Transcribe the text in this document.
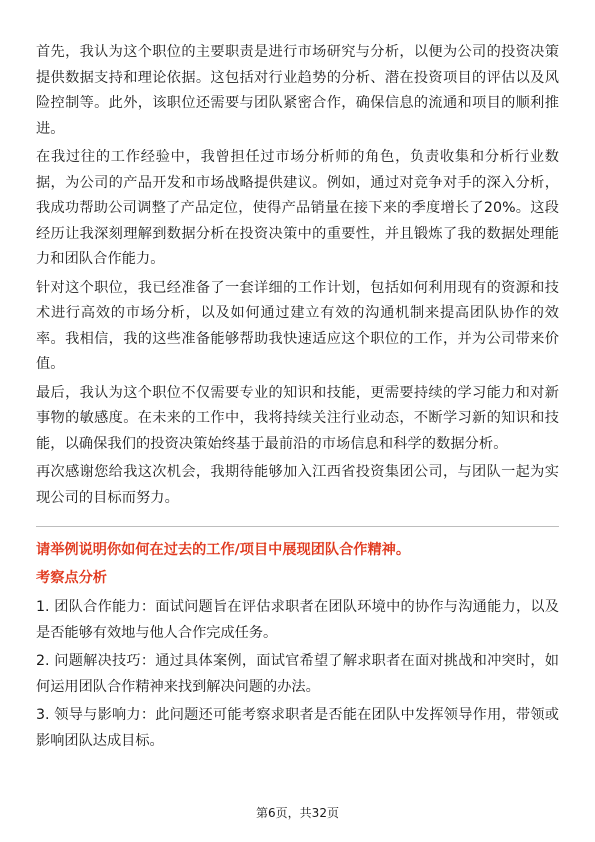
首先，我认为这个职位的主要职责是进行市场研究与分析，以便为公司的投资决策提供数据支持和理论依据。这包括对行业趋势的分析、潜在投资项目的评估以及风险控制等。此外，该职位还需要与团队紧密合作，确保信息的流通和项目的顺利推进。

在我过往的工作经验中，我曾担任过市场分析师的角色，负责收集和分析行业数据，为公司的产品开发和市场战略提供建议。例如，通过对竞争对手的深入分析，我成功帮助公司调整了产品定位，使得产品销量在接下来的季度增长了20%。这段经历让我深刻理解到数据分析在投资决策中的重要性，并且锻炼了我的数据处理能力和团队合作能力。

针对这个职位，我已经准备了一套详细的工作计划，包括如何利用现有的资源和技术进行高效的市场分析，以及如何通过建立有效的沟通机制来提高团队协作的效率。我相信，我的这些准备能够帮助我快速适应这个职位的工作，并为公司带来价值。

最后，我认为这个职位不仅需要专业的知识和技能，更需要持续的学习能力和对新事物的敏感度。在未来的工作中，我将持续关注行业动态，不断学习新的知识和技能，以确保我们的投资决策始终基于最前沿的市场信息和科学的数据分析。

再次感谢您给我这次机会，我期待能够加入江西省投资集团公司，与团队一起为实现公司的目标而努力。

请举例说明你如何在过去的工作/项目中展现团队合作精神。

考察点分析

1. 团队合作能力：面试问题旨在评估求职者在团队环境中的协作与沟通能力，以及是否能够有效地与他人合作完成任务。

2. 问题解决技巧：通过具体案例，面试官希望了解求职者在面对挑战和冲突时，如何运用团队合作精神来找到解决问题的办法。

3. 领导与影响力：此问题还可能考察求职者是否能在团队中发挥领导作用，带领或影响团队达成目标。

第6页，共32页
